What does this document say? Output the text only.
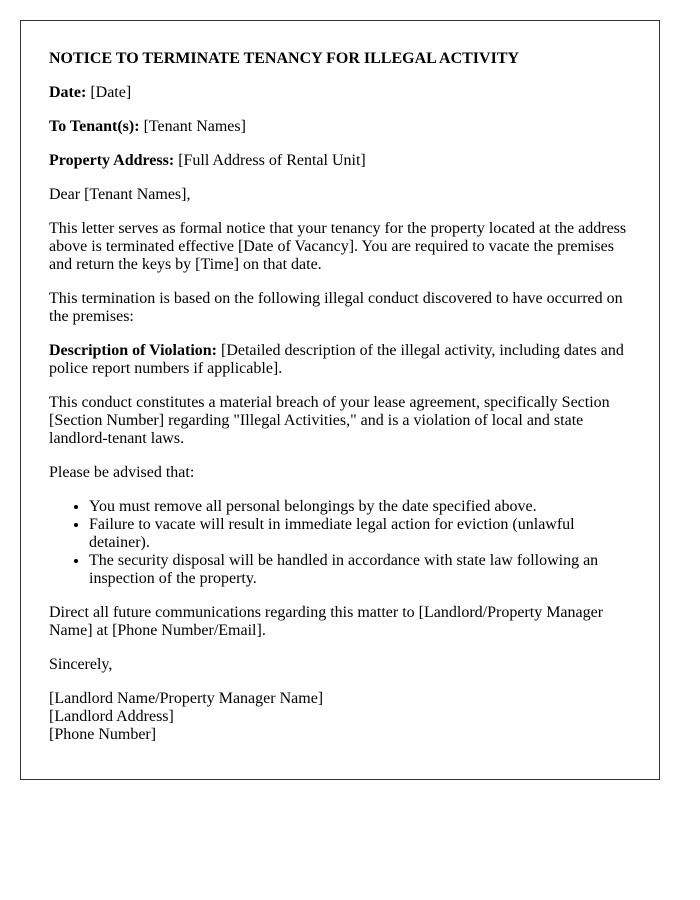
NOTICE TO TERMINATE TENANCY FOR ILLEGAL ACTIVITY

Date: [Date]

To Tenant(s): [Tenant Names]

Property Address: [Full Address of Rental Unit]

Dear [Tenant Names],

This letter serves as formal notice that your tenancy for the property located at the address above is terminated effective [Date of Vacancy]. You are required to vacate the premises and return the keys by [Time] on that date.

This termination is based on the following illegal conduct discovered to have occurred on the premises:

Description of Violation: [Detailed description of the illegal activity, including dates and police report numbers if applicable].

This conduct constitutes a material breach of your lease agreement, specifically Section [Section Number] regarding "Illegal Activities," and is a violation of local and state landlord-tenant laws.

Please be advised that:

• You must remove all personal belongings by the date specified above.
• Failure to vacate will result in immediate legal action for eviction (unlawful detainer).
• The security disposal will be handled in accordance with state law following an inspection of the property.

Direct all future communications regarding this matter to [Landlord/Property Manager Name] at [Phone Number/Email].

Sincerely,

[Landlord Name/Property Manager Name]

[Landlord Address]

[Phone Number]
